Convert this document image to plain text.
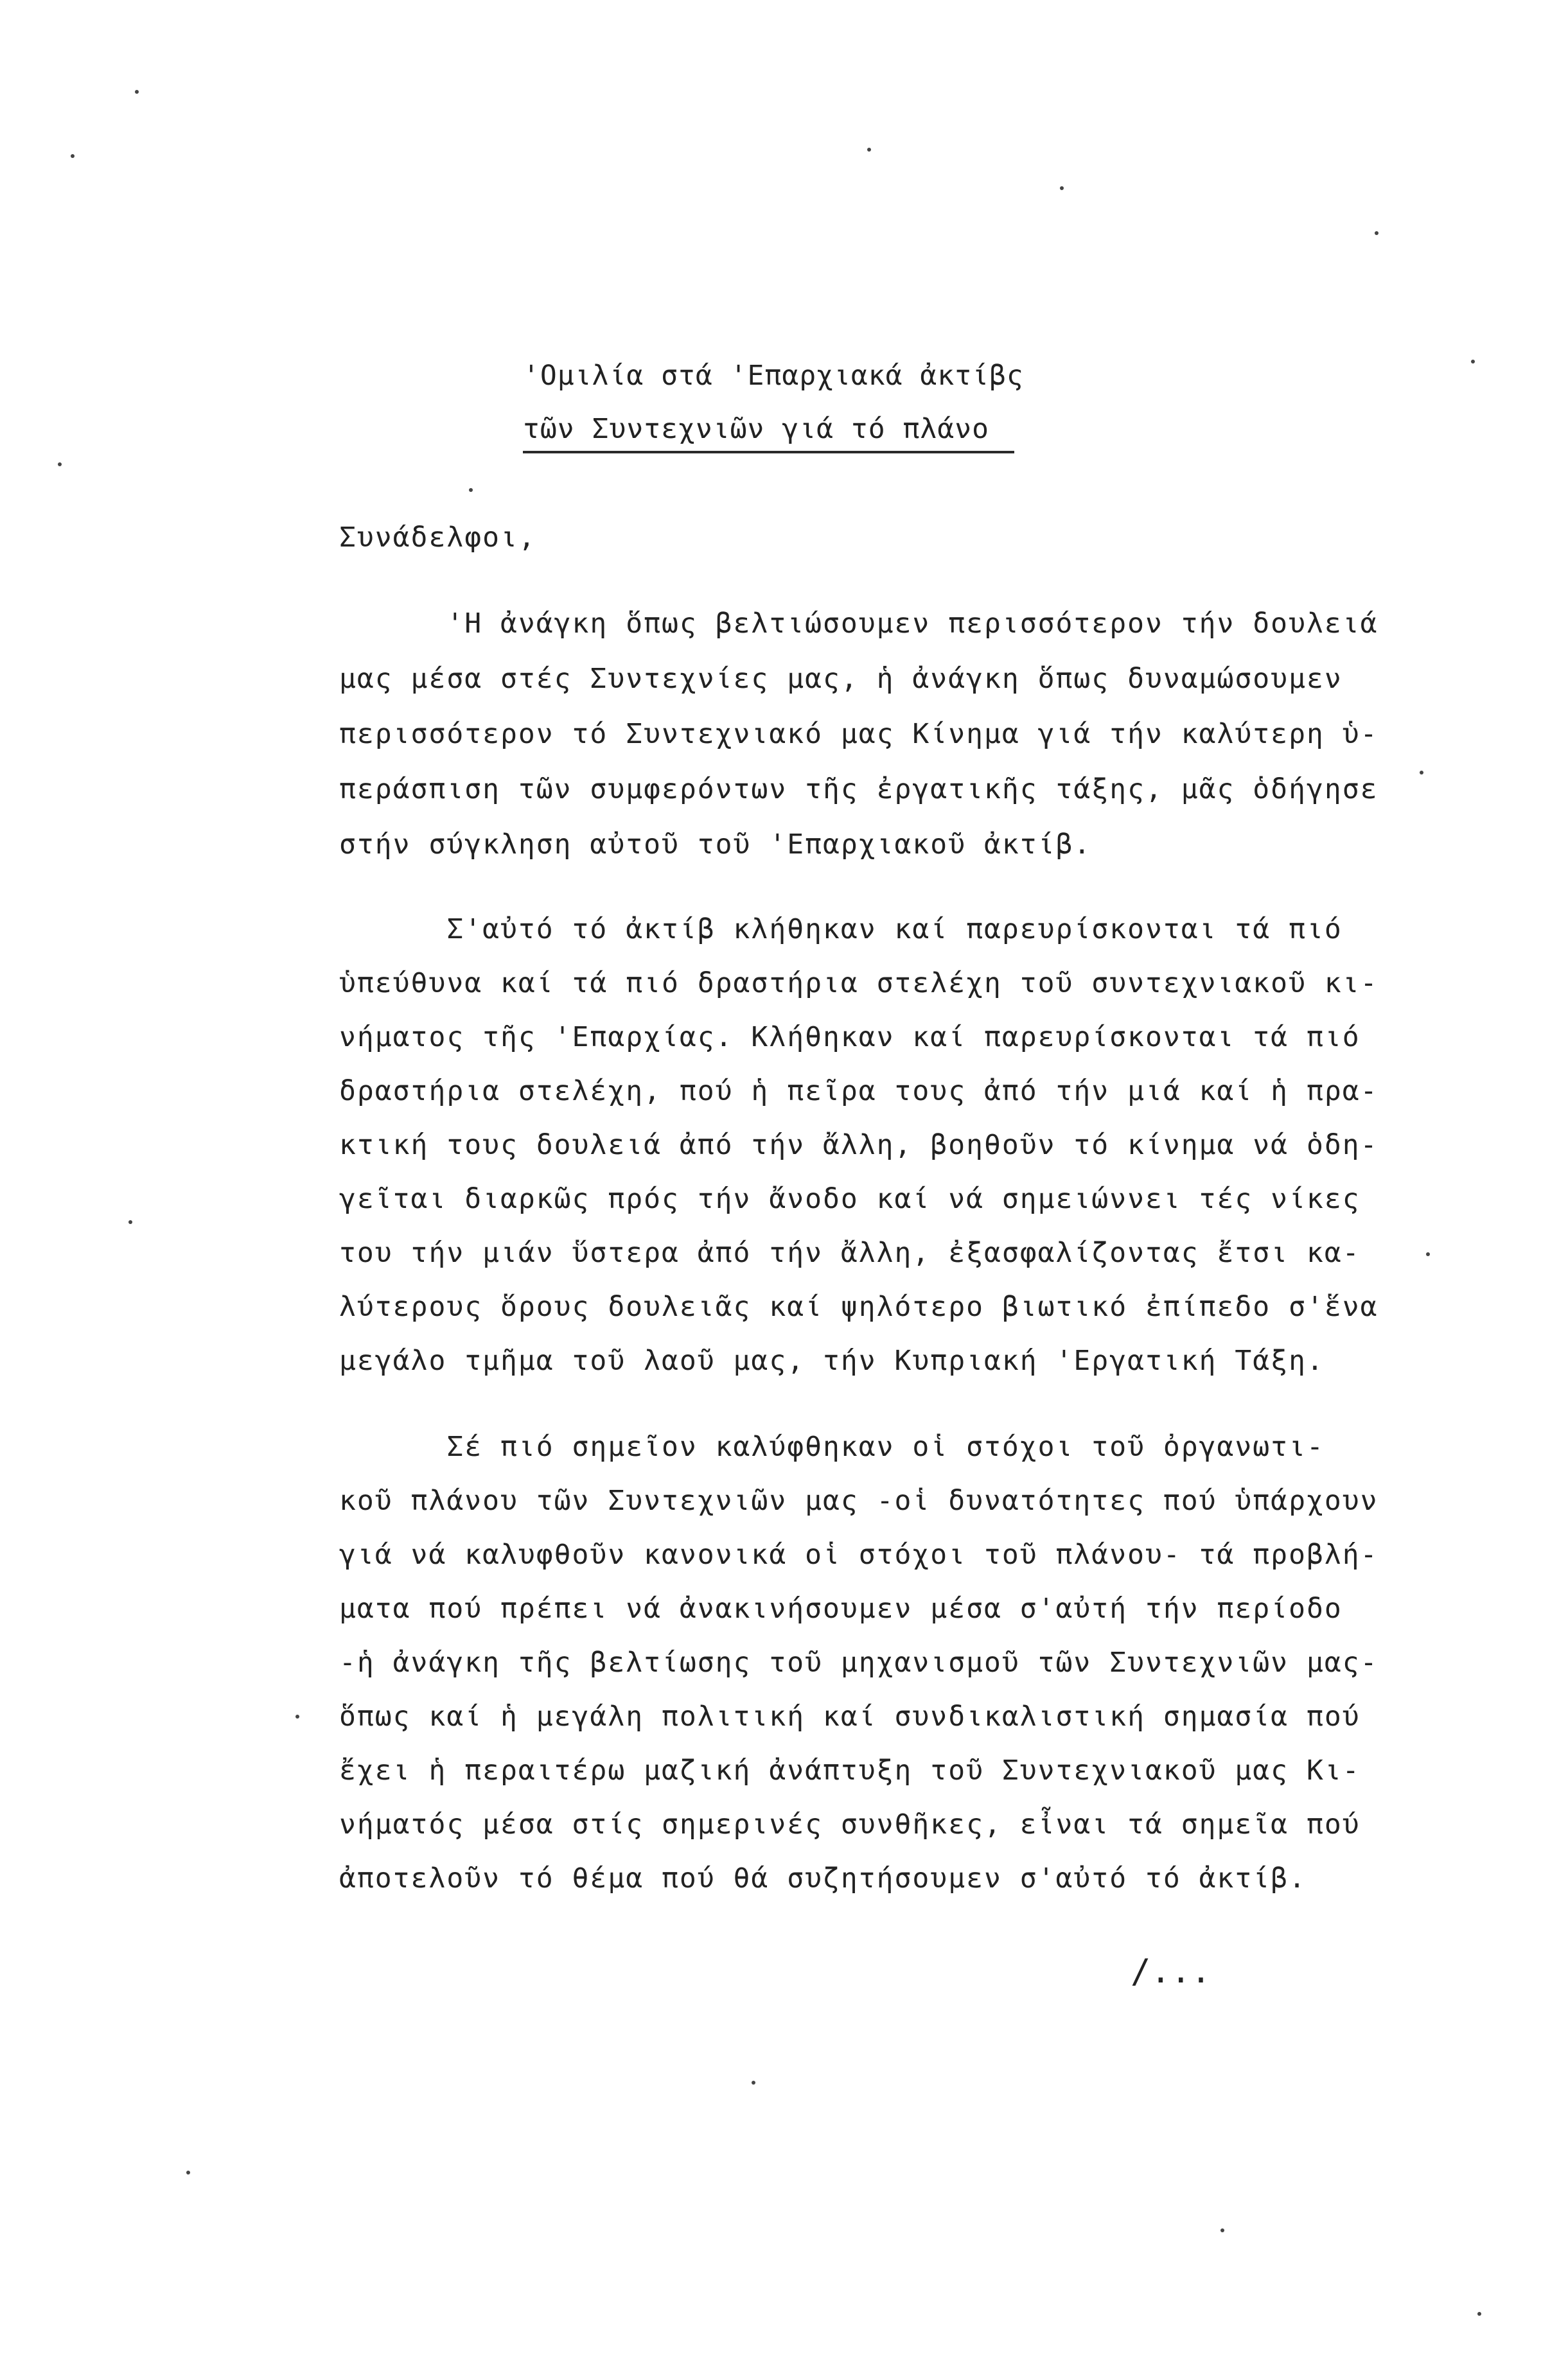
'Ομιλία στά 'Επαρχιακά ἀκτίβς
τῶν Συντεχνιῶν γιά τό πλάνο
Συνάδελφοι,
'Η ἀνάγκη ὅπως βελτιώσουμεν περισσότερον τήν δουλειά
μας μέσα στές Συντεχνίες μας, ἡ ἀνάγκη ὅπως δυναμώσουμεν
περισσότερον τό Συντεχνιακό μας Κίνημα γιά τήν καλύτερη ὑ-
περάσπιση τῶν συμφερόντων τῆς ἐργατικῆς τάξης, μᾶς ὁδήγησε
στήν σύγκληση αὐτοῦ τοῦ 'Επαρχιακοῦ ἀκτίβ.
Σ'αὐτό τό ἀκτίβ κλήθηκαν καί παρευρίσκονται τά πιό
ὑπεύθυνα καί τά πιό δραστήρια στελέχη τοῦ συντεχνιακοῦ κι-
νήματος τῆς 'Επαρχίας. Κλήθηκαν καί παρευρίσκονται τά πιό
δραστήρια στελέχη, πού ἡ πεῖρα τους ἀπό τήν μιά καί ἡ πρα-
κτική τους δουλειά ἀπό τήν ἄλλη, βοηθοῦν τό κίνημα νά ὁδη-
γεῖται διαρκῶς πρός τήν ἄνοδο καί νά σημειώννει τές νίκες
του τήν μιάν ὕστερα ἀπό τήν ἄλλη, ἐξασφαλίζοντας ἔτσι κα-
λύτερους ὅρους δουλειᾶς καί ψηλότερο βιωτικό ἐπίπεδο σ'ἕνα
μεγάλο τμῆμα τοῦ λαοῦ μας, τήν Κυπριακή 'Εργατική Τάξη.
Σέ πιό σημεῖον καλύφθηκαν οἱ στόχοι τοῦ ὀργανωτι-
κοῦ πλάνου τῶν Συντεχνιῶν μας -οἱ δυνατότητες πού ὑπάρχουν
γιά νά καλυφθοῦν κανονικά οἱ στόχοι τοῦ πλάνου- τά προβλή-
ματα πού πρέπει νά ἀνακινήσουμεν μέσα σ'αὐτή τήν περίοδο
-ἡ ἀνάγκη τῆς βελτίωσης τοῦ μηχανισμοῦ τῶν Συντεχνιῶν μας-
ὅπως καί ἡ μεγάλη πολιτική καί συνδικαλιστική σημασία πού
ἔχει ἡ περαιτέρω μαζική ἀνάπτυξη τοῦ Συντεχνιακοῦ μας Κι-
νήματός μέσα στίς σημερινές συνθῆκες, εἶναι τά σημεῖα πού
ἀποτελοῦν τό θέμα πού θά συζητήσουμεν σ'αὐτό τό ἀκτίβ.
/...
